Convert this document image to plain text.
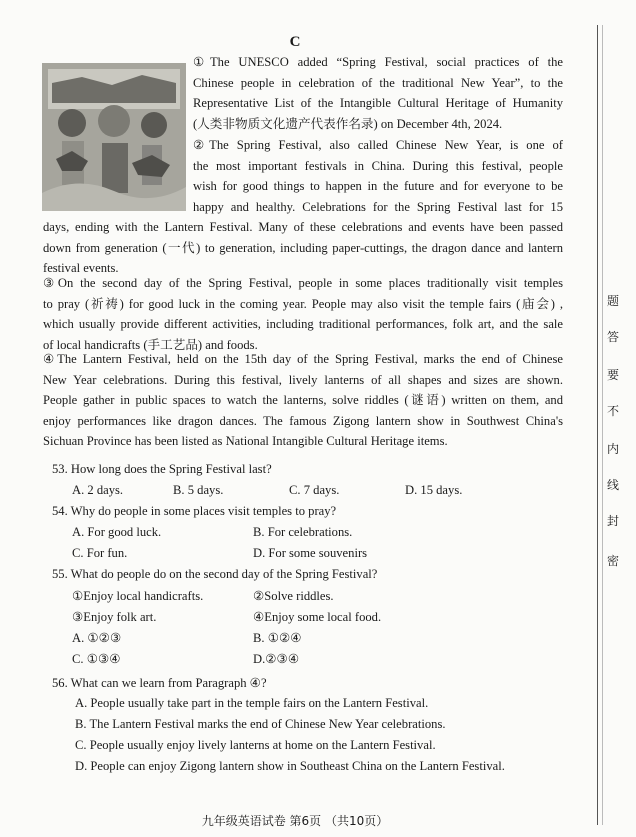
C
①The UNESCO added “Spring Festival, social practices of the
Chinese people in celebration of the traditional New Year”, to the
Representative List of the Intangible Cultural Heritage of Humanity
(人类非物质文化遗产代表作名录) on December 4th, 2024.
②The Spring Festival, also called Chinese New Year, is one of
the most important festivals in China. During this festival, people
wish for good things to happen in the future and for everyone to be
happy and healthy. Celebrations for the Spring Festival last for 15
days, ending with the Lantern Festival. Many of these celebrations and events have been passed
down from generation (一代) to generation, including paper-cuttings, the dragon dance and lantern
festival events.
③On the second day of the Spring Festival, people in some places traditionally visit temples
to pray (祈祷) for good luck in the coming year. People may also visit the temple fairs (庙会) ,
which usually provide different activities, including traditional performances, folk art, and the sale
of local handicrafts (手工艺品) and foods.
④The Lantern Festival, held on the 15th day of the Spring Festival, marks the end of Chinese
New Year celebrations. During this festival, lively lanterns of all shapes and sizes are shown.
People gather in public spaces to watch the lanterns, solve riddles (谜语) written on them, and
enjoy performances like dragon dances. The famous Zigong lantern show in Southwest China's
Sichuan Province has been listed as National Intangible Cultural Heritage items.
53. How long does the Spring Festival last?
A. 2 days.	B. 5 days.	C. 7 days.	D. 15 days.
54. Why do people in some places visit temples to pray?
A. For good luck.	B. For celebrations.
C. For fun.	D. For some souvenirs
55. What do people do on the second day of the Spring Festival?
①Enjoy local handicrafts.	②Solve riddles.
③Enjoy folk art.	④Enjoy some local food.
A. ①②③	B. ①②④
C. ①③④	D.②③④
56. What can we learn from Paragraph ④?
A. People usually take part in the temple fairs on the Lantern Festival.
B. The Lantern Festival marks the end of Chinese New Year celebrations.
C. People usually enjoy lively lanterns at home on the Lantern Festival.
D. People can enjoy Zigong lantern show in Southeast China on the Lantern Festival.
九年级英语试卷 第6页 （共10页）
题
答
要
不
内
线
封
密
